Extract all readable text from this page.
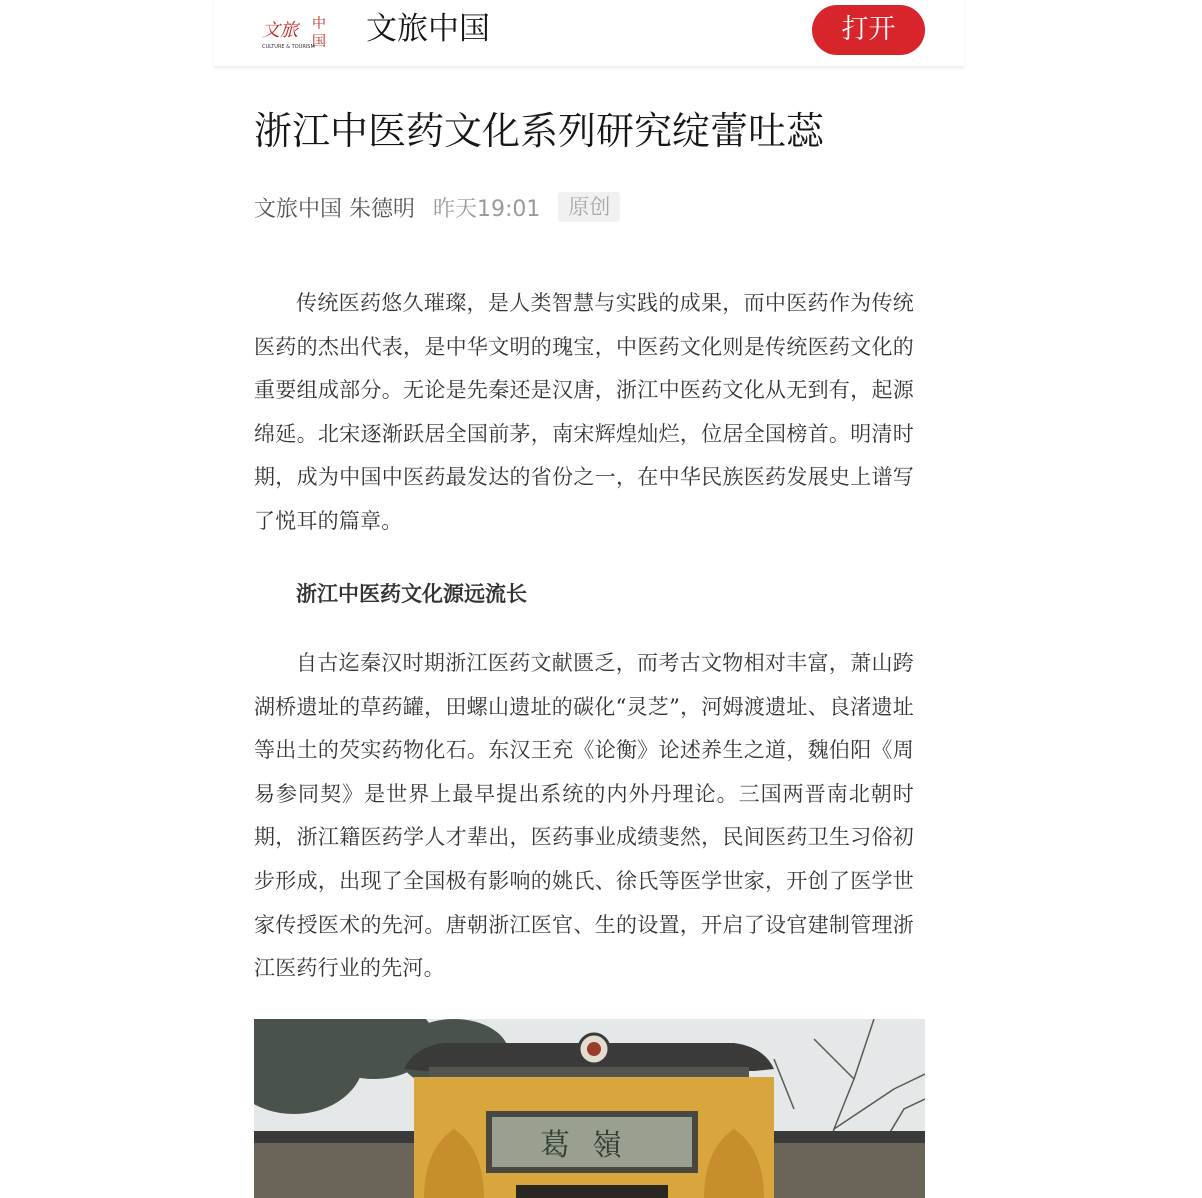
文旅 中
国
CULTURE & TOURISM 文旅中国	打开
浙江中医药文化系列研究绽蕾吐蕊
文旅中国 朱德明 昨天19:01	原创

传统医药悠久璀璨，是人类智慧与实践的成果，而中医药作为传统医药的杰出代表，是中华文明的瑰宝，中医药文化则是传统医药文化的重要组成部分。无论是先秦还是汉唐，浙江中医药文化从无到有，起源绵延。北宋逐渐跃居全国前茅，南宋辉煌灿烂，位居全国榜首。明清时期，成为中国中医药最发达的省份之一，在中华民族医药发展史上谱写了悦耳的篇章。

浙江中医药文化源远流长

自古迄秦汉时期浙江医药文献匮乏，而考古文物相对丰富，萧山跨湖桥遗址的草药罐，田螺山遗址的碳化“灵芝”，河姆渡遗址、良渚遗址等出土的芡实药物化石。东汉王充《论衡》论述养生之道，魏伯阳《周易参同契》是世界上最早提出系统的内外丹理论。三国两晋南北朝时期，浙江籍医药学人才辈出，医药事业成绩斐然，民间医药卫生习俗初步形成，出现了全国极有影响的姚氏、徐氏等医学世家，开创了医学世家传授医术的先河。唐朝浙江医官、生的设置，开启了设官建制管理浙江医药行业的先河。

葛嶺
